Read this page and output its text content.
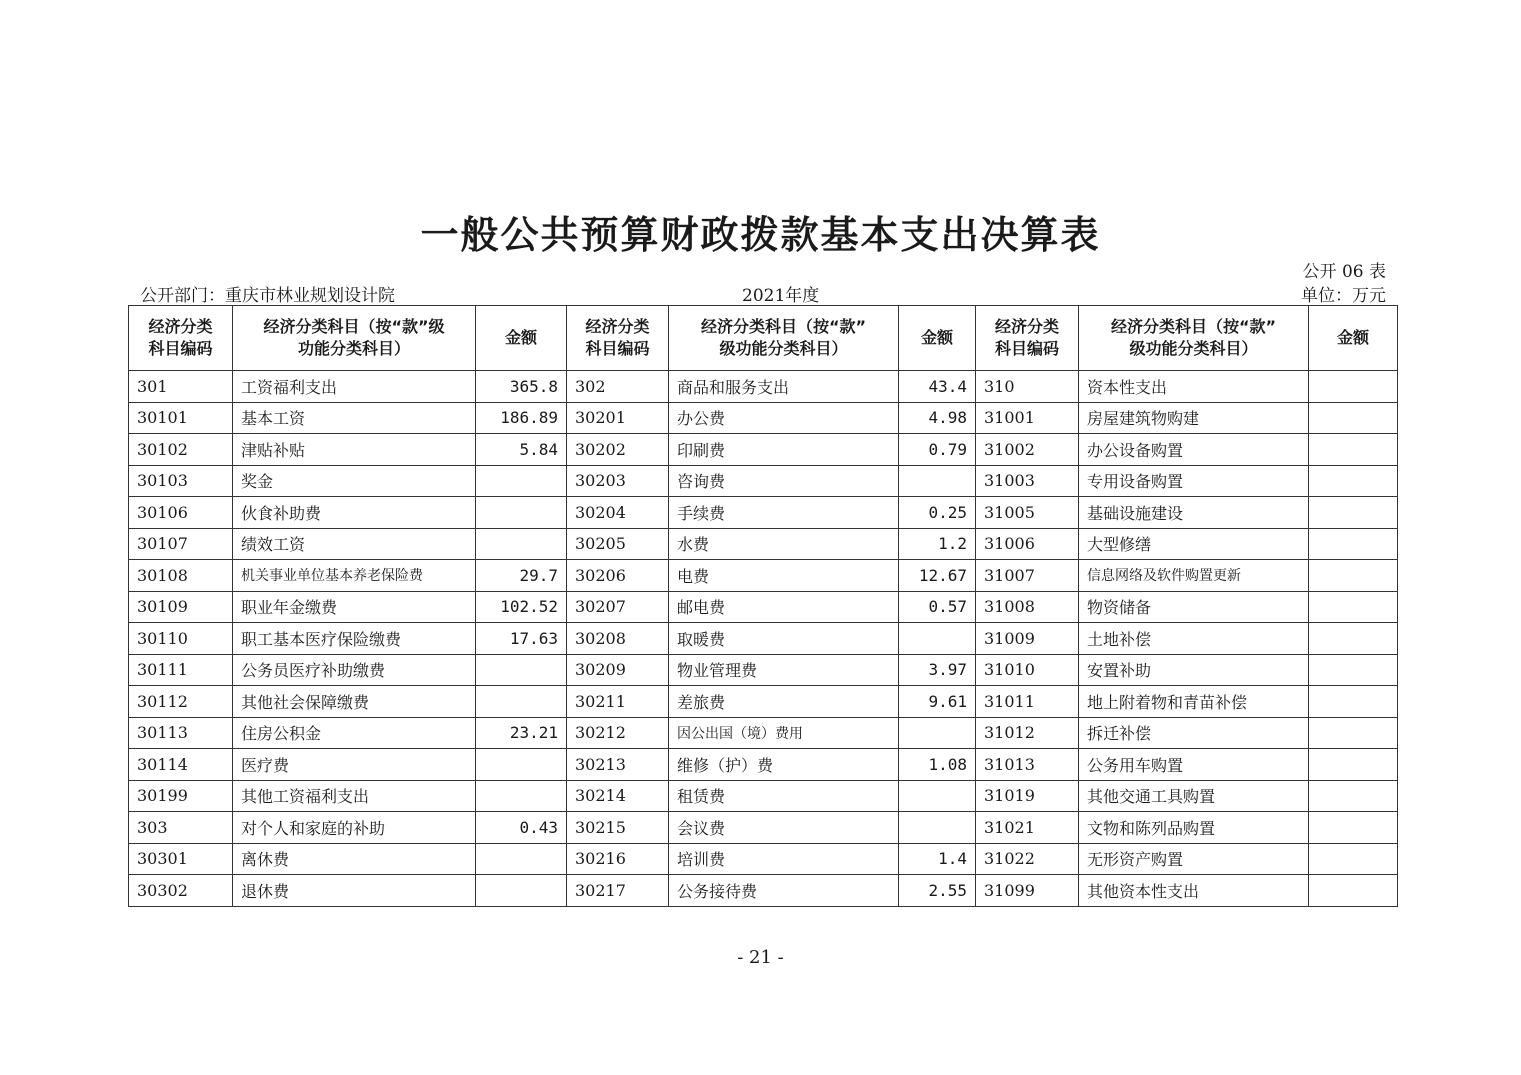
一般公共预算财政拨款基本支出决算表
公开 06 表
公开部门：重庆市林业规划设计院	2021年度	单位：万元
经济分类
科目编码	经济分类科目（按“款”级
功能分类科目）	金额	经济分类
科目编码	经济分类科目（按“款”
级功能分类科目）	金额	经济分类
科目编码	经济分类科目（按“款”
级功能分类科目）	金额
301	工资福利支出	365.8	302	商品和服务支出	43.4	310	资本性支出	
30101	基本工资	186.89	30201	办公费	4.98	31001	房屋建筑物购建	
30102	津贴补贴	5.84	30202	印刷费	0.79	31002	办公设备购置	
30103	奖金		30203	咨询费		31003	专用设备购置	
30106	伙食补助费		30204	手续费	0.25	31005	基础设施建设	
30107	绩效工资		30205	水费	1.2	31006	大型修缮	
30108	机关事业单位基本养老保险费	29.7	30206	电费	12.67	31007	信息网络及软件购置更新	
30109	职业年金缴费	102.52	30207	邮电费	0.57	31008	物资储备	
30110	职工基本医疗保险缴费	17.63	30208	取暖费		31009	土地补偿	
30111	公务员医疗补助缴费		30209	物业管理费	3.97	31010	安置补助	
30112	其他社会保障缴费		30211	差旅费	9.61	31011	地上附着物和青苗补偿	
30113	住房公积金	23.21	30212	因公出国（境）费用		31012	拆迁补偿	
30114	医疗费		30213	维修（护）费	1.08	31013	公务用车购置	
30199	其他工资福利支出		30214	租赁费		31019	其他交通工具购置	
303	对个人和家庭的补助	0.43	30215	会议费		31021	文物和陈列品购置	
30301	离休费		30216	培训费	1.4	31022	无形资产购置	
30302	退休费		30217	公务接待费	2.55	31099	其他资本性支出	
- 21 -
